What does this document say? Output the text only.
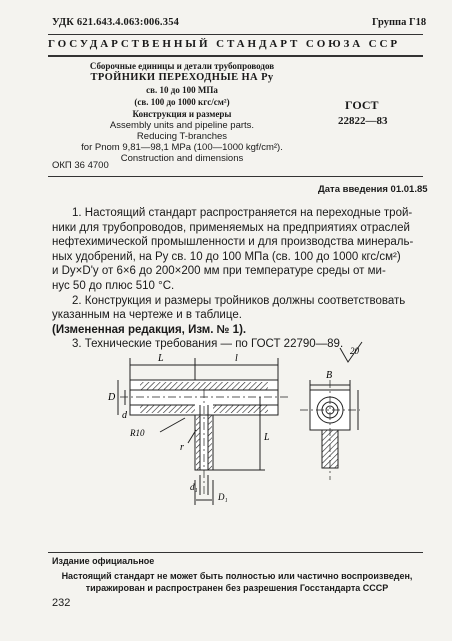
УДК 621.643.4.063:006.354	Группа Г18
ГОСУДАРСТВЕННЫЙ СТАНДАРТ СОЮЗА ССР
Сборочные единицы и детали трубопроводов
ТРОЙНИКИ ПЕРЕХОДНЫЕ НА Pу
св. 10 до 100 МПа
(св. 100 до 1000 кгс/см²)
Конструкция и размеры
Assembly units and pipeline parts.
Reducing T-branches
for Pnom 9,81—98,1 MPa (100—1000 kgf/cm²).
Construction and dimensions
ГОСТ
22822—83
ОКП 36 4700
Дата введения 01.01.85

1. Настоящий стандарт распространяется на переходные трой-

ники для трубопроводов, применяемых на предприятиях отраслей

нефтехимической промышленности и для производства минераль-

ных удобрений, на Pу св. 10 до 100 МПа (св. 100 до 1000 кгс/см²)

и Dу×D'у от 6×6 до 200×200 мм при температуре среды от ми-

нус 50 до плюс 510 °С.

2. Конструкция и размеры тройников должны соответствовать

указанным на чертеже и в таблице.

(Измененная редакция, Изм. № 1).

3. Технические требования — по ГОСТ 22790—89.

L	l
B
D
d
R10
r
L
d₁
D₁
20
Издание официальное
Настоящий стандарт не может быть полностью или частично воспроизведен, тиражирован и распространен без разрешения Госстандарта СССР
232
